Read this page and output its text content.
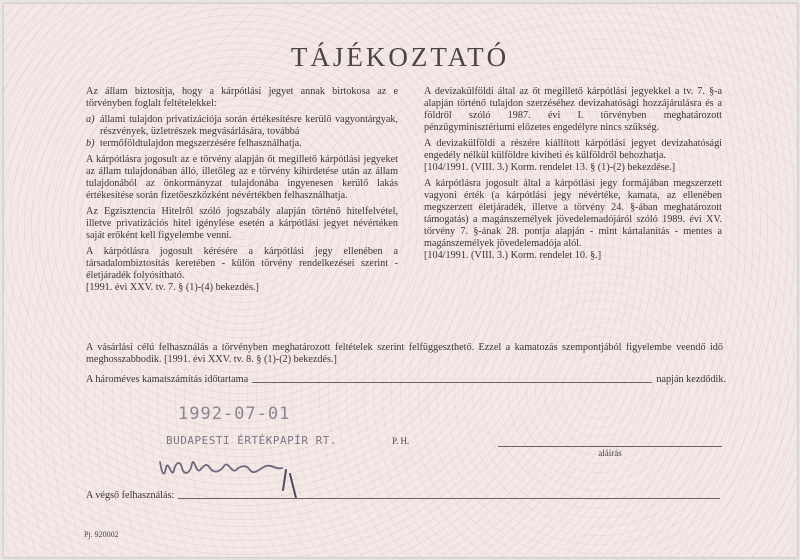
TÁJÉKOZTATÓ

Az állam biztosítja, hogy a kárpótlási jegyet annak birtokosa az e törvényben foglalt feltételekkel:

a) állami tulajdon privatizációja során értékesítésre kerülő vagyontárgyak, részvények, üzletrészek megvásárlására, továbbá

b) termőföldtulajdon megszerzésére felhasználhatja.

A kárpótlásra jogosult az e törvény alapján őt megillető kárpótlási jegyeket az állam tulajdonában álló, illetőleg az e törvény kihirdetése után az állam tulajdonából az önkormányzat tulajdonába ingyenesen kerülő lakás értékesítése során fizetőeszközként névértékben felhasználhatja.

Az Egzisztencia Hitelről szóló jogszabály alapján történő hitelfelvétel, illetve privatizációs hitel igénylése esetén a kárpótlási jegyet névértéken saját erőként kell figyelembe venni.

A kárpótlásra jogosult kérésére a kárpótlási jegy ellenében a társadalombiztosítás keretében - külön törvény rendelkezései szerint - életjáradék folyósítható.

[1991. évi XXV. tv. 7. § (1)-(4) bekezdés.]

A devizakülföldi által az őt megillető kárpótlási jegyekkel a tv. 7. §-a alapján történő tulajdon szerzéséhez devizahatósági hozzájárulásra és a földről szóló 1987. évi I. törvényben meghatározott pénzügyminisztériumi előzetes engedélyre nincs szükség.

A devizakülföldi a részére kiállított kárpótlási jegyet devizahatósági engedély nélkül külföldre kiviheti és külföldről behozhatja.

[104/1991. (VIII. 3.) Korm. rendelet 13. § (1)-(2) bekezdése.]

A kárpótlásra jogosult által a kárpótlási jegy formájában megszerzett vagyoni érték (a kárpótlási jegy névértéke, kamata, az ellenében megszerzett életjáradék, illetve a törvény 24. §-ában meghatározott támogatás) a magánszemélyek jövedelemadójáról szóló 1989. évi XV. törvény 7. §-ának 28. pontja alapján - mint kártalanítás - mentes a magánszemélyek jövedelemadója alól.

[104/1991. (VIII. 3.) Korm. rendelet 10. §.]

A vásárlási célú felhasználás a törvényben meghatározott feltételek szerint felfüggeszthető. Ezzel a kamatozás szempontjából figyelembe veendő idő meghosszabbodik. [1991. évi XXV. tv. 8. § (1)-(2) bekezdés.]
A hároméves kamatszámítás időtartama	napján kezdődik.
1992-07-01
BUDAPESTI ÉRTÉKPAPÍR RT.	P. H.
aláírás
A végső felhasználás:
Pj. 920002
